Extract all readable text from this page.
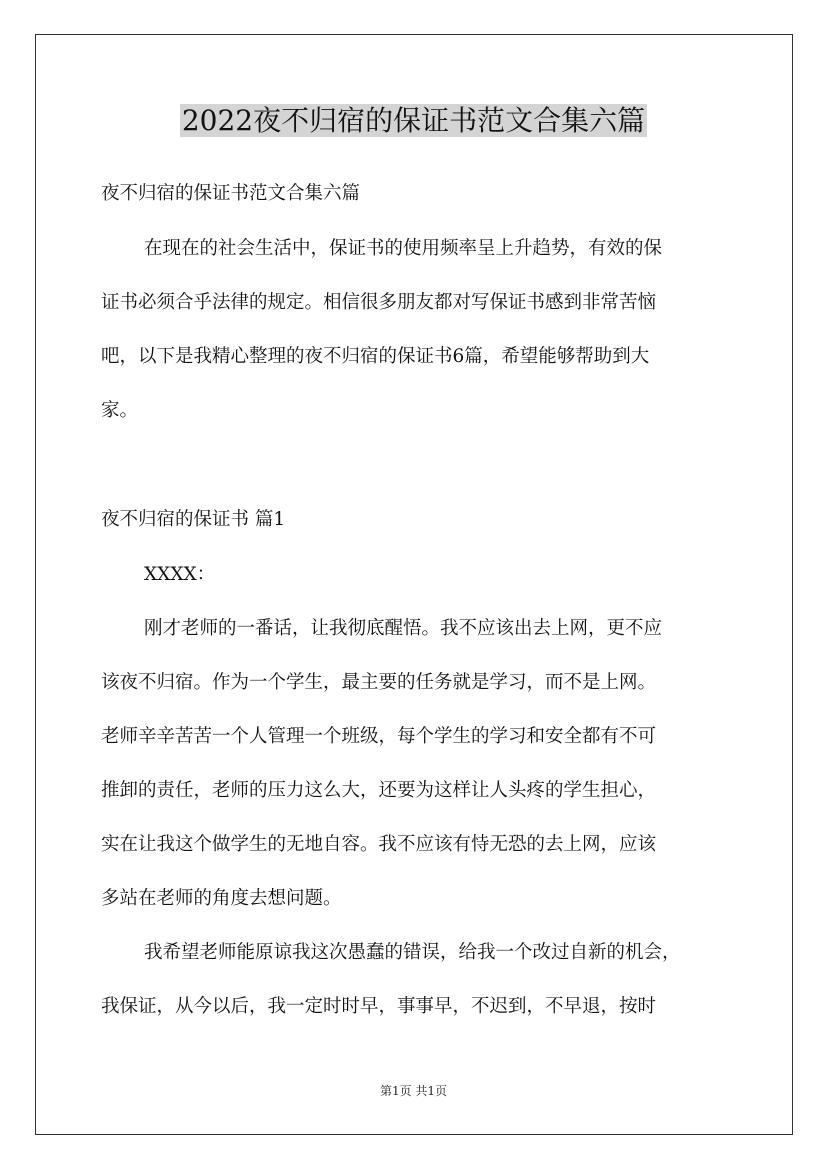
2022夜不归宿的保证书范文合集六篇
夜不归宿的保证书范文合集六篇
在现在的社会生活中，保证书的使用频率呈上升趋势，有效的保
证书必须合乎法律的规定。相信很多朋友都对写保证书感到非常苦恼
吧，以下是我精心整理的夜不归宿的保证书6篇，希望能够帮助到大
家。
夜不归宿的保证书 篇1
XXXX：
刚才老师的一番话，让我彻底醒悟。我不应该出去上网，更不应
该夜不归宿。作为一个学生，最主要的任务就是学习，而不是上网。
老师辛辛苦苦一个人管理一个班级，每个学生的学习和安全都有不可
推卸的责任，老师的压力这么大，还要为这样让人头疼的学生担心，
实在让我这个做学生的无地自容。我不应该有恃无恐的去上网，应该
多站在老师的角度去想问题。
我希望老师能原谅我这次愚蠢的错误，给我一个改过自新的机会，
我保证，从今以后，我一定时时早，事事早，不迟到，不早退，按时
第1页 共1页
